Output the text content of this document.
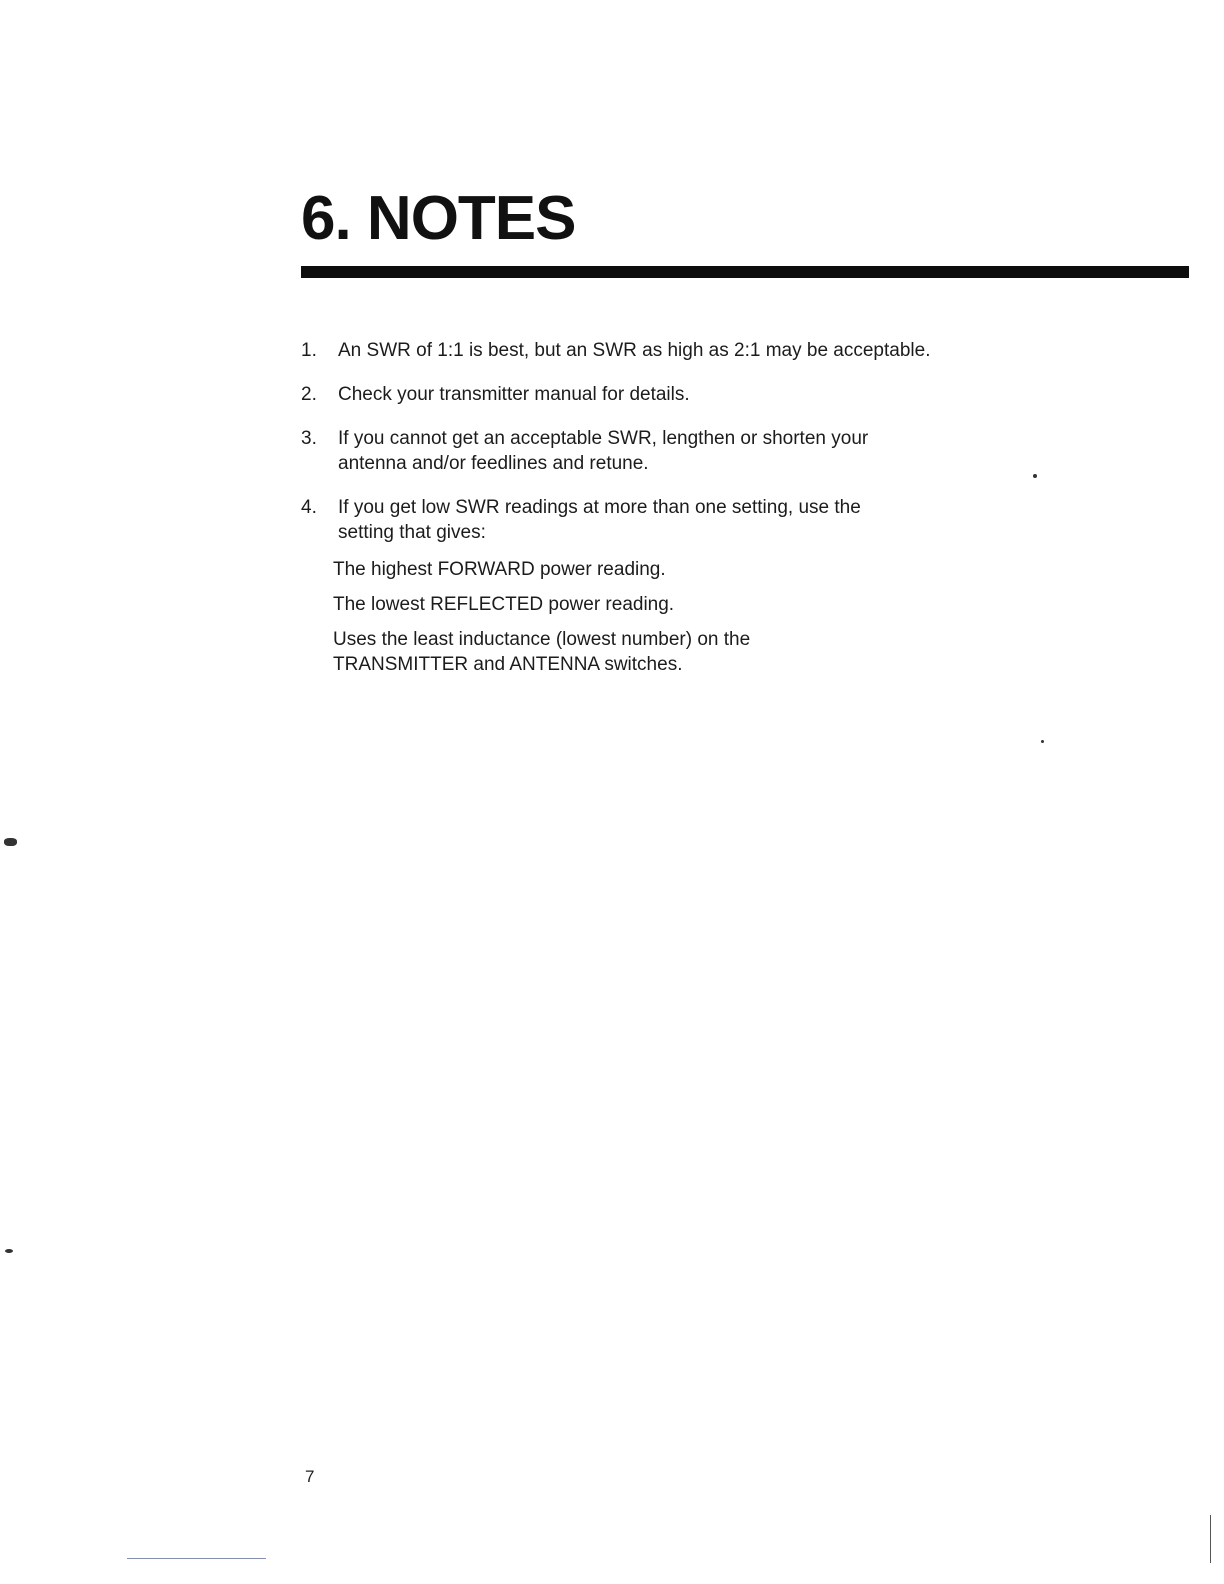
6. NOTES
1. An SWR of 1:1 is best, but an SWR as high as 2:1 may be acceptable.
2. Check your transmitter manual for details.
3. If you cannot get an acceptable SWR, lengthen or shorten your antenna and/or feedlines and retune.
4. If you get low SWR readings at more than one setting, use the setting that gives:
The highest FORWARD power reading.
The lowest REFLECTED power reading.
Uses the least inductance (lowest number) on the TRANSMITTER and ANTENNA switches.
7
